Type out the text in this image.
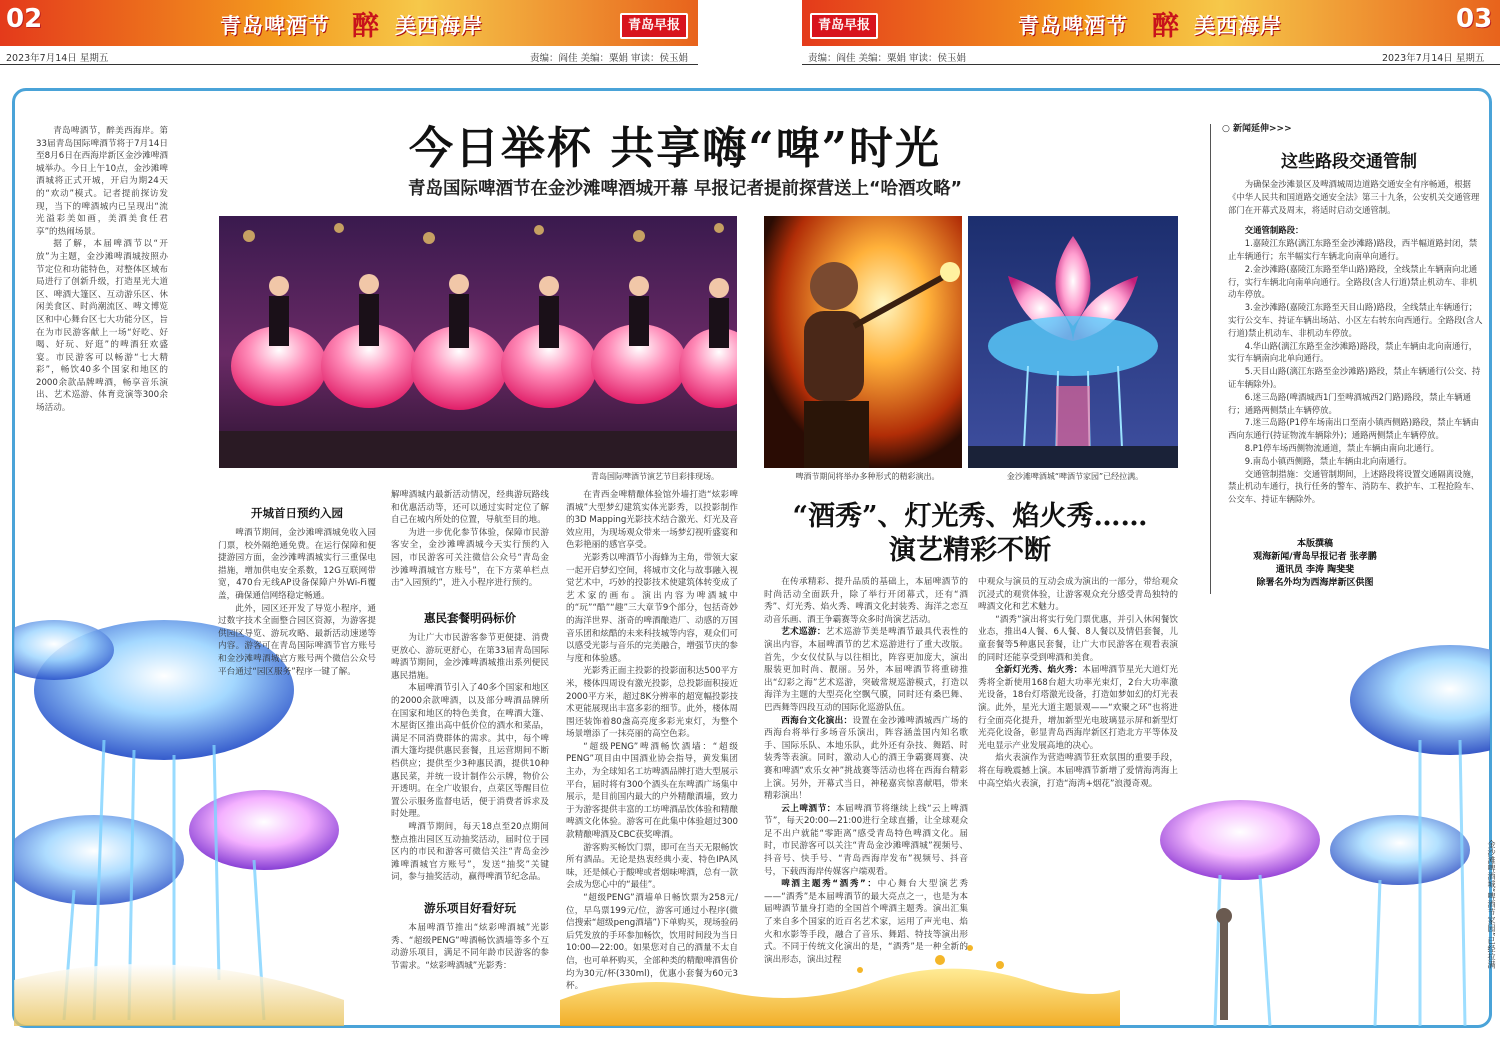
02	青岛啤酒节 醉 美西海岸	青岛早报
2023年7月14日 星期五	责编：阎佳 美编：粟娟 审读：侯玉娟
青岛早报	青岛啤酒节 醉 美西海岸	03
责编：阎佳 美编：粟娟 审读：侯玉娟	2023年7月14日 星期五
今日举杯 共享嗨“啤”时光
青岛国际啤酒节在金沙滩啤酒城开幕 早报记者提前探营送上“哈酒攻略”

青岛啤酒节，醉美西海岸。第33届青岛国际啤酒节将于7月14日至8月6日在西海岸新区金沙滩啤酒城举办。今日上午10点，金沙滩啤酒城将正式开城，开启为期24天的“欢动”模式。记者提前探访发现，当下的啤酒城内已呈现出“流光溢彩美如画，美酒美食任君享”的热闹场景。

据了解，本届啤酒节以“开放”为主题，金沙滩啤酒城按照办节定位和功能特色，对整体区域布局进行了创新升级，打造星光大道区、啤酒大篷区、互动游乐区、休闲美食区、时尚潮流区、啤文博览区和中心舞台区七大功能分区，旨在为市民游客献上一场“好吃、好喝、好玩、好逛”的啤酒狂欢盛宴。市民游客可以畅游“七大精彩”，畅饮40多个国家和地区的2000余款品牌啤酒，畅享音乐演出、艺术巡游、体育竞演等300余场活动。

青岛国际啤酒节演艺节目彩排现场。	啤酒节期间将举办多种形式的精彩演出。	金沙滩啤酒城“啤酒节家园”已经拉满。
开城首日预约入园

啤酒节期间，金沙滩啤酒城免收入园门票，校外隔绝通免费。在运行保障和便捷游园方面，金沙滩啤酒城实行三重保电措施，增加供电安全系数，12G互联网带宽，470台无线AP设备保障户外Wi-Fi覆盖，确保通信网络稳定畅通。

此外，园区还开发了导览小程序，通过数字技术全面整合园区资源，为游客提供园区导览、游玩攻略、最新活动速递等内容。游客可在青岛国际啤酒节官方账号和金沙滩啤酒城官方账号两个微信公众号平台通过“园区服务”程序一键了解。

解啤酒城内最新活动情况，经典游玩路线和优惠活动等，还可以通过实时定位了解自己在城内所处的位置，导航至目的地。

为进一步优化参节体验，保障市民游客安全，金沙滩啤酒城今天实行预约入园，市民游客可关注微信公众号“青岛金沙滩啤酒城官方账号”，在下方菜单栏点击“入园预约”，进入小程序进行预约。

惠民套餐明码标价

为让广大市民游客参节更便捷、消费更放心、游玩更舒心，在第33届青岛国际啤酒节期间，金沙滩啤酒城推出系列便民惠民措施。

本届啤酒节引入了40多个国家和地区的2000余款啤酒，以及部分啤酒品牌所在国家和地区的特色美食，在啤酒大篷、木屋街区推出高中低价位的酒水和菜品，满足不同消费群体的需求。其中，每个啤酒大篷均提供惠民套餐，且运营期间不断档供应；提供至少3种惠民酒，提供10种惠民菜，并统一设计制作公示牌，物价公开透明。在全广收银台，点菜区等醒目位置公示服务监督电话，便于消费者诉求及时处理。

啤酒节期间，每天18点至20点期间整点推出园区互动抽奖活动，届时位于园区内的市民和游客可微信关注“青岛金沙滩啤酒城官方账号”，发送“抽奖”关键词，参与抽奖活动，赢得啤酒节纪念品。

游乐项目好看好玩

本届啤酒节推出“炫彩啤酒城”光影秀、“超级PENG”啤酒畅饮酒墙等多个互动游乐项目，满足不同年龄市民游客的参节需求。“炫彩啤酒城”光影秀：

在青西金啤精酿体验馆外墙打造“炫彩啤酒城”大型梦幻建筑实体光影秀，以投影制作的3D Mapping光影技术结合激光、灯光及音效应用，为现场观众带来一场梦幻视听盛宴和色彩艳丽的感官享受。

光影秀以啤酒节小海蜂为主角，带领大家一起开启梦幻空间，将城市文化与故事融入视觉艺术中，巧妙的投影技术使建筑体转变成了艺术家的画布。演出内容为啤酒城中的“玩”“酷”“趣”三大章节9个部分，包括奇妙的海洋世界、浙奇的啤酒酿造厂、动感的万国音乐团和炫酷的未来科技城等内容，观众们可以感受光影与音乐的完美融合，增强节庆的参与度和体验感。

光影秀正面主投影的投影面积达500平方米，楼体四周设有激光投影，总投影面积接近2000平方米，超过8K分辨率的超宽幅投影技术更能展现出丰富多彩的细节。此外，楼体周围还装饰着80盏高亮度多彩光束灯，为整个场景增添了一抹亮丽的高空色彩。

“超级PENG”啤酒畅饮酒墙：“超级PENG”项目由中国酒业协会指导，黄发集团主办，为全球知名工坊啤酒品牌打造大型展示平台，届时将有300个酒头在东啤酒广场集中展示，是目前国内最大的户外精酿酒墙，致力于为游客提供丰富的工坊啤酒品饮体验和精酿啤酒文化体验。游客可在此集中体验超过300款精酿啤酒及CBC获奖啤酒。

游客购买畅饮门票，即可在当天无限畅饮所有酒品。无论是热衷经典小麦、特色IPA风味，还是倾心于酸啤或者烟味啤酒，总有一款会成为您心中的“最佳”。

“超级PENG”酒墙单日畅饮票为258元/位，早鸟票199元/位，游客可通过小程序(微信搜索“超级peng酒墙”)下单购买，现场验码后凭发放的手环参加畅饮，饮用时间段为当日10:00—22:00。如果您对自己的酒量不太自信，也可单杯购买，全部种类的精酿啤酒售价均为30元/杯(330ml)，优惠小套餐为60元3杯。

“酒秀”、灯光秀、焰火秀……
演艺精彩不断

在传承精彩、提升品质的基础上，本届啤酒节的时尚活动全面跃升，除了举行开闭幕式，还有“酒秀”、灯光秀、焰火秀、啤酒文化封装秀、海洋之恋互动音乐画、酒王争霸赛等众多时尚演艺活动。

艺术巡游：艺术巡游节美是啤酒节最具代表性的演出内容，本届啤酒节的艺术巡游进行了重大改版。首先，少女仪仗队与以往相比，阵容更加庞大，演出服装更加时尚、靓丽。另外，本届啤酒节将重磅推出“幻彩之海”艺术巡游，突破常规巡游模式，打造以海洋为主题的大型亮化空飘气膜，同时还有桑巴舞、巴西舞等四段互动的国际化巡游队伍。

西海台文化演出：设置在金沙滩啤酒城西广场的西海台将举行多场音乐演出，阵容涵盖国内知名歌手、国际乐队、本地乐队，此外还有杂技、舞蹈、时装秀等表演。同时，激动人心的酒王争霸赛周赛、决赛和啤酒“欢乐女神”挑战赛等活动也将在西海台精彩上演。另外，开幕式当日，神秘嘉宾惊喜献唱，带来精彩演出！

云上啤酒节：本届啤酒节将继续上线“云上啤酒节”，每天20:00—21:00进行全球直播，让全球观众足不出户就能“零距离”感受青岛特色啤酒文化。届时，市民游客可以关注“青岛金沙滩啤酒城”视频号、抖音号、快手号、“青岛西海岸发布”视频号、抖音号，下载西海岸传媒客户端观看。

啤酒主题秀“酒秀”：中心舞台大型演艺秀——“酒秀”是本届啤酒节的最大亮点之一，也是为本届啤酒节量身打造的全国首个啤酒主题秀。演出汇集了来自多个国家的近百名艺术家，运用了声光电、焰火和水影等手段，融合了音乐、舞蹈、特技等演出形式。不同于传统文化演出的是，“酒秀”是一种全新的演出形态，演出过程

中观众与演员的互动会成为演出的一部分，带给观众沉浸式的观赏体验，让游客观众充分感受青岛独特的啤酒文化和艺术魅力。

“酒秀”演出将实行免门票优惠，并引入休闲餐饮业态，推出4人餐、6人餐、8人餐以及情侣套餐，儿童套餐等5种惠民套餐，让广大市民游客在观看表演的同时还能享受到啤酒和美食。

全新灯光秀、焰火秀：本届啤酒节星光大道灯光秀将全新使用168台超大功率光束灯，2台大功率激光设备，18台灯塔激光设备，打造如梦如幻的灯光表演。此外，星光大道主题景观——“欢聚之环”也将进行全面亮化提升，增加新型光电玻璃显示屏和新型灯光亮化设备，彰显青岛西海岸新区打造北方平等体及光电显示产业发展高地的决心。

焰火表演作为营造啤酒节狂欢氛围的重要手段，将在每晚震撼上演。本届啤酒节新增了爱情海湾海上中高空焰火表演，打造“海湾+烟花”浪漫奇观。

○ 新闻延伸>>>
这些路段交通管制

为确保金沙滩景区及啤酒城周边道路交通安全有序畅通，根据《中华人民共和国道路交通安全法》第三十九条，公安机关交通管理部门在开幕式及周末，将适时启动交通管制。

交通管制路段：

1.嘉陵江东路(漓江东路至金沙滩路)路段，西半幅道路封闭，禁止车辆通行；东半幅实行车辆北向南单向通行。

2.金沙滩路(嘉陵江东路至华山路)路段，全线禁止车辆南向北通行，实行车辆北向南单向通行。全路段(含人行道)禁止机动车、非机动车停放。

3.金沙滩路(嘉陵江东路至天目山路)路段，全线禁止车辆通行；实行公交车、持证车辆出场站、小区左右转东向西通行。全路段(含人行道)禁止机动车、非机动车停放。

4.华山路(漓江东路至金沙滩路)路段，禁止车辆由北向南通行，实行车辆南向北单向通行。

5.天目山路(漓江东路至金沙滩路)路段，禁止车辆通行(公交、持证车辆除外)。

6.迷三岛路(啤酒城西1门至啤酒城西2门路)路段，禁止车辆通行；通路两侧禁止车辆停放。

7.迷三岛路(P1停车场南出口至南小镇西侧路)路段，禁止车辆由西向东通行(持证物流车辆除外)；通路两侧禁止车辆停放。

8.P1停车场西侧物流通道，禁止车辆由南向北通行。

9.南岛小镇西侧路，禁止车辆由北向南通行。

交通管制措施：交通管制期间，上述路段将设置交通隔离设施，禁止机动车通行，执行任务的警车、消防车、救护车、工程抢险车、公交车、持证车辆除外。

本版撰稿
观海新闻/青岛早报记者 张孝鹏
通讯员 李涛 陶斐斐
除署名外均为西海岸新区供图
金沙滩啤酒城“啤酒节家园”已经拉满
